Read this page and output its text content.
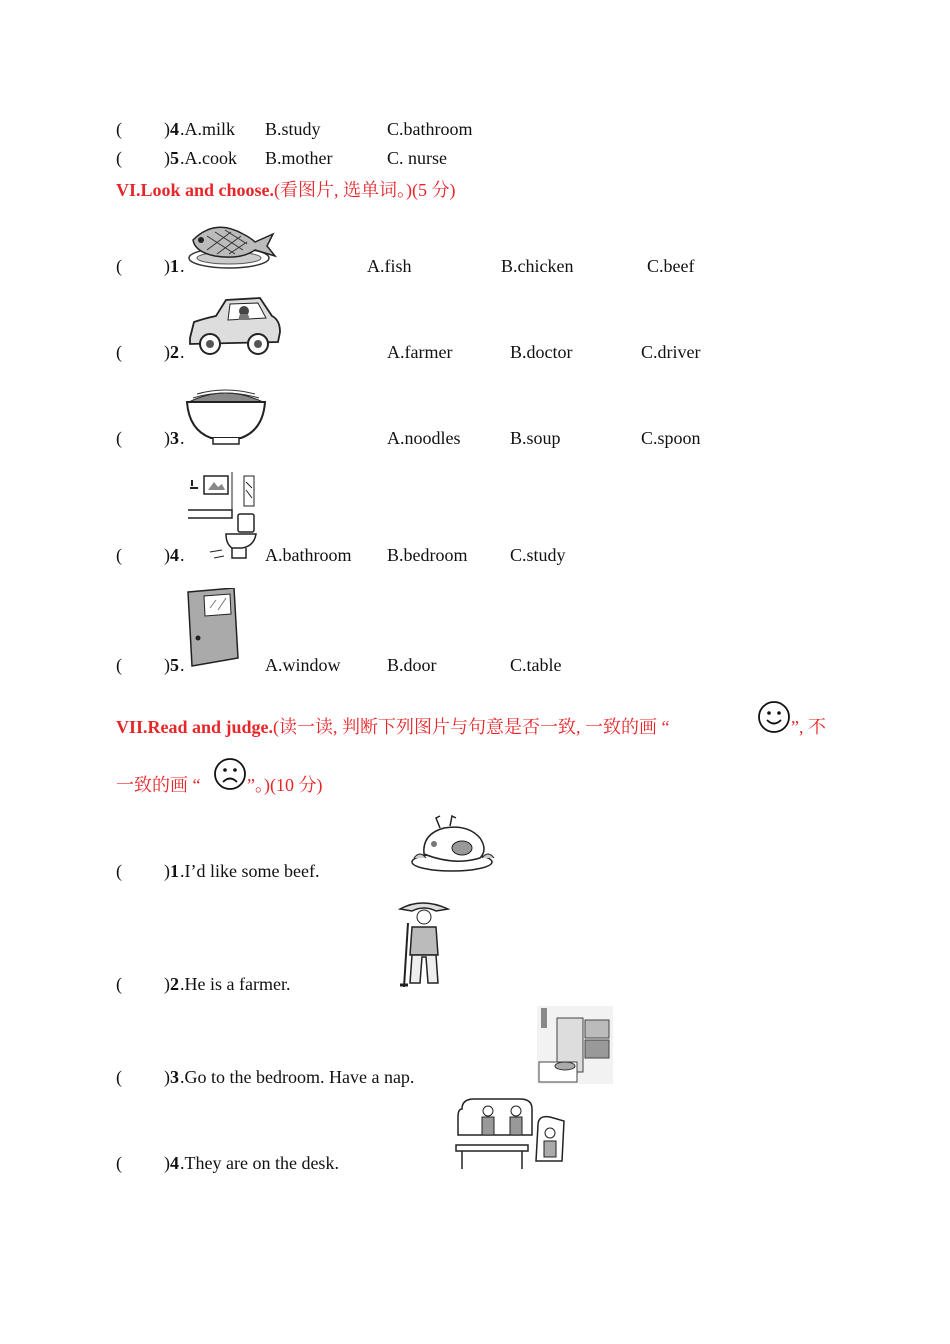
( ) 4 .A.milk B.study	C.bathroom
( ) 5 .A.cook B.mother	C. nurse
VI.Look and choose.(看图片, 选单词。)(5 分)
( ) 1 .	A.fish	B.chicken	C.beef
( ) 2 .	A.farmer	B.doctor	C.driver
( ) 3 .	A.noodles	B.soup	C.spoon
( ) 4 .	A.bathroom B.bedroom C.study
( ) 5 .	A.window	B.door	C.table
VII.Read and judge.(读一读, 判断下列图片与句意是否一致, 一致的画 “	”, 不
一致的画 “	”。)(10 分)
( ) 1 .I’d like some beef.
( ) 2 .He is a farmer.
( ) 3 .Go to the bedroom. Have a nap.
( ) 4 .They are on the desk.
